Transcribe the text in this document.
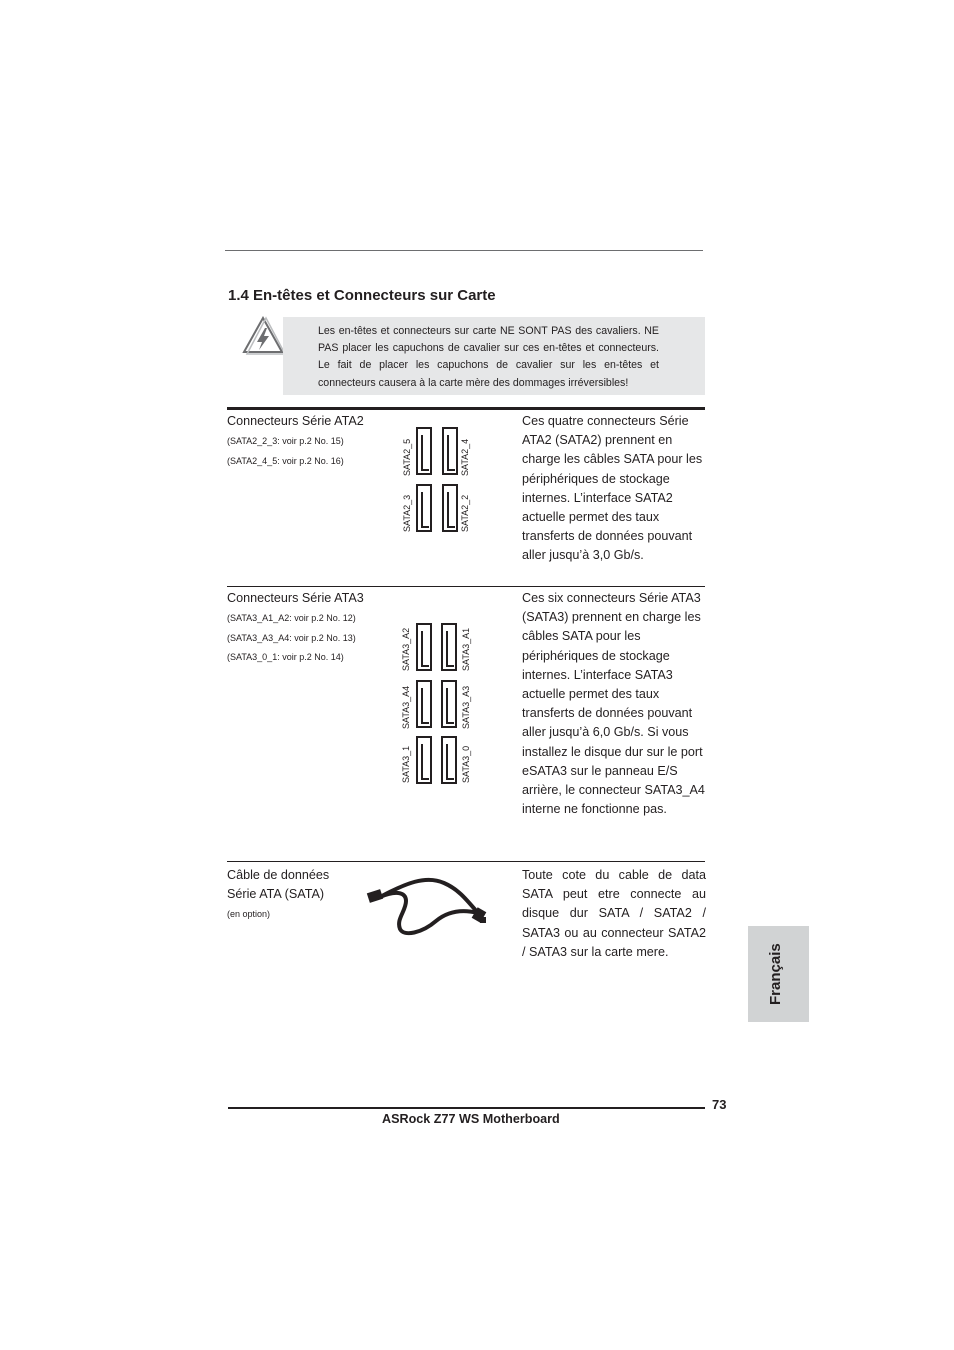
1.4 En-têtes et Connecteurs sur Carte
Les en-têtes et connecteurs sur carte NE SONT PAS des cavaliers. NE PAS placer les capuchons de cavalier sur ces en-têtes et connecteurs. Le fait de placer les capuchons de cavalier sur les en-têtes et connecteurs causera à la carte mère des dommages irréversibles!
Connecteurs Série ATA2
(SATA2_2_3: voir p.2 No. 15)
(SATA2_4_5: voir p.2 No. 16)	SATA2_5	SATA2_4
SATA2_3	SATA2_2
Ces quatre connecteurs Série ATA2 (SATA2) prennent en charge les câbles SATA pour les périphériques de stockage internes. L’interface SATA2 actuelle permet des taux transferts de données pouvant aller jusqu’à 3,0 Gb/s.
Connecteurs Série ATA3
(SATA3_A1_A2: voir p.2 No. 12)
(SATA3_A3_A4: voir p.2 No. 13)
(SATA3_0_1: voir p.2 No. 14)	SATA3_A2	SATA3_A1
SATA3_A4	SATA3_A3
SATA3_1	SATA3_0
Ces six connecteurs Série ATA3 (SATA3) prennent en charge les câbles SATA pour les périphériques de stockage internes. L’interface SATA3 actuelle permet des taux transferts de données pouvant aller jusqu’à 6,0 Gb/s. Si vous installez le disque dur sur le port eSATA3 sur le panneau E/S arrière, le connecteur SATA3_A4 interne ne fonctionne pas.
Câble de données
Série ATA (SATA)
(en option)
Toute cote du cable de data SATA peut etre connecte au disque dur SATA / SATA2 / SATA3 ou au connecteur SATA2 / SATA3 sur la carte mere.	Français
73
ASRock Z77 WS Motherboard
